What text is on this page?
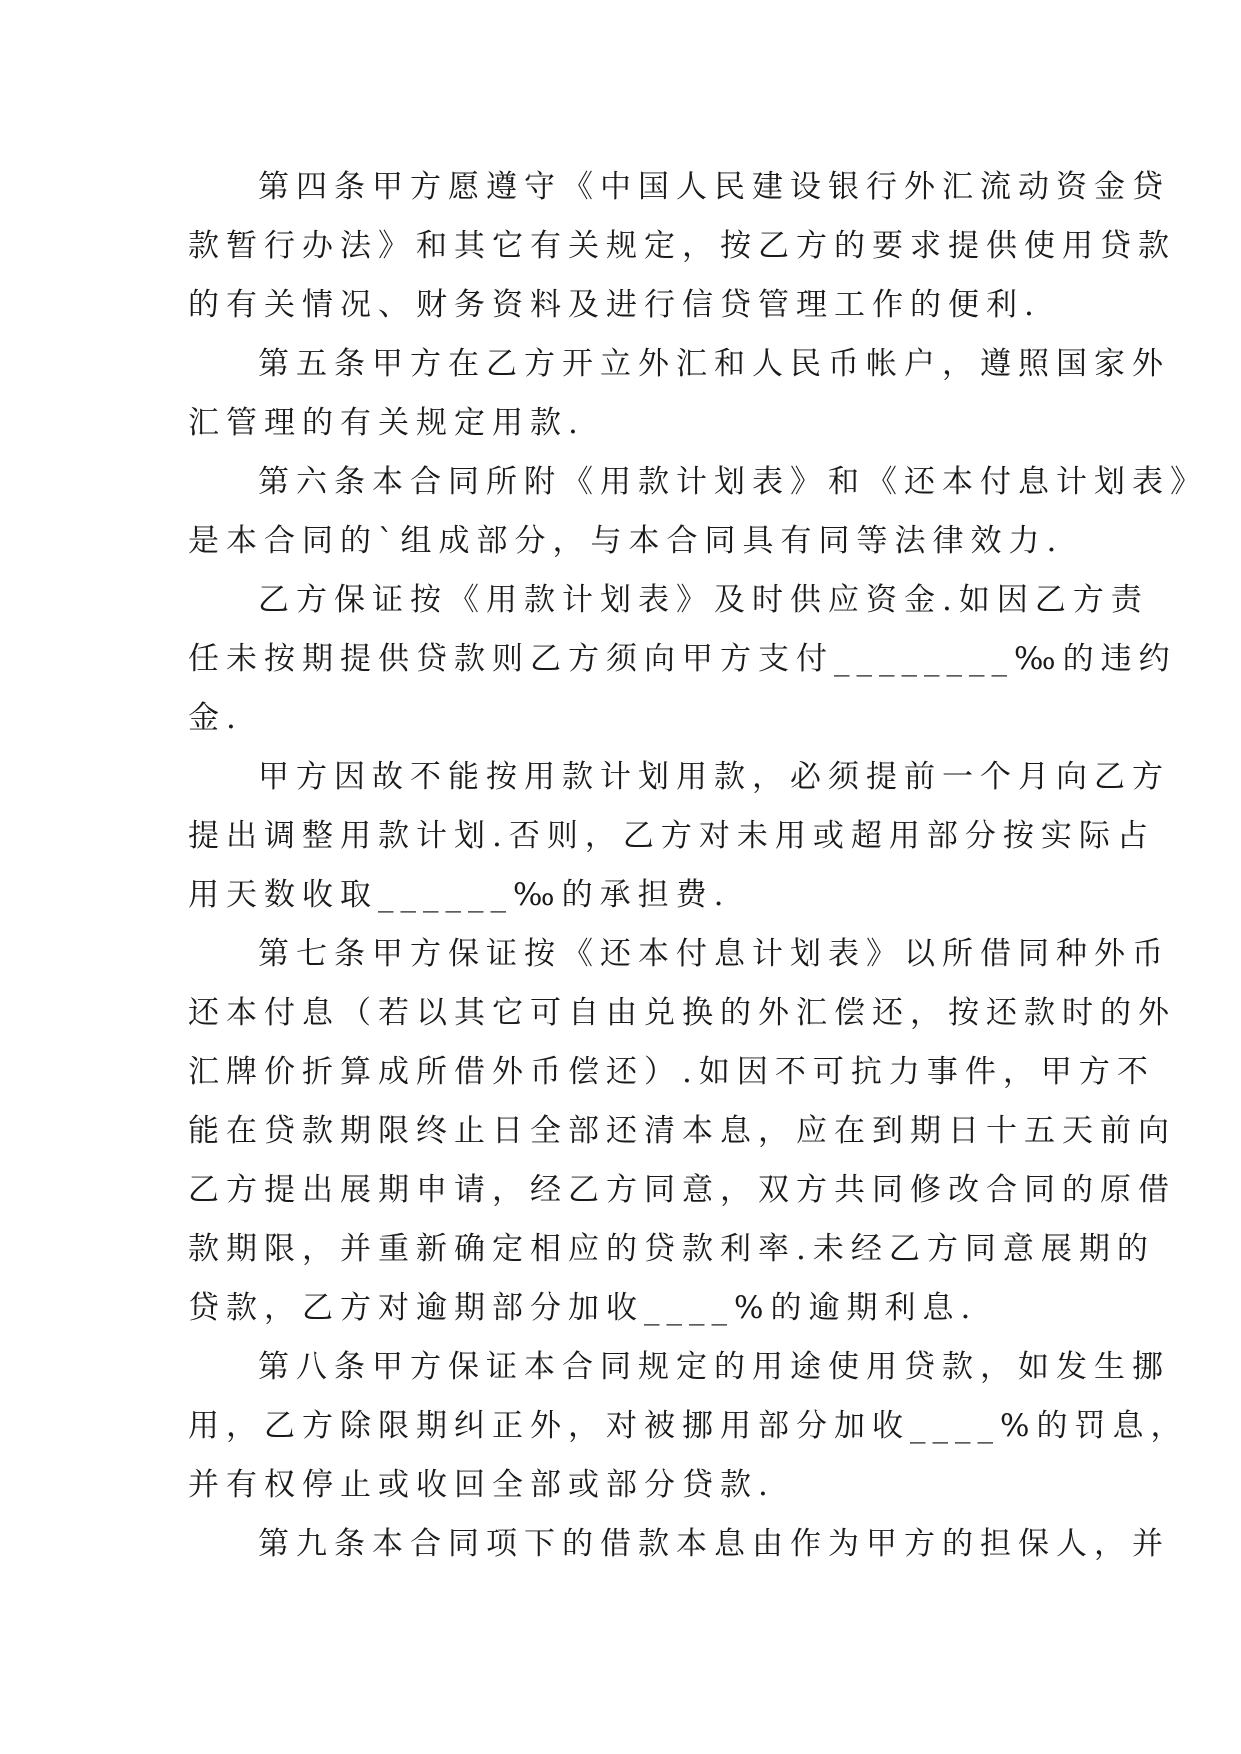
第四条甲方愿遵守《中国人民建设银行外汇流动资金贷
款暂行办法》和其它有关规定，按乙方的要求提供使用贷款
的有关情况、财务资料及进行信贷管理工作的便利.
第五条甲方在乙方开立外汇和人民币帐户，遵照国家外
汇管理的有关规定用款.
第六条本合同所附《用款计划表》和《还本付息计划表》
是本合同的`组成部分，与本合同具有同等法律效力.
乙方保证按《用款计划表》及时供应资金.如因乙方责
任未按期提供贷款则乙方须向甲方支付________‰的违约
金.
甲方因故不能按用款计划用款，必须提前一个月向乙方
提出调整用款计划.否则，乙方对未用或超用部分按实际占
用天数收取______‰的承担费.
第七条甲方保证按《还本付息计划表》以所借同种外币
还本付息（若以其它可自由兑换的外汇偿还，按还款时的外
汇牌价折算成所借外币偿还）.如因不可抗力事件，甲方不
能在贷款期限终止日全部还清本息，应在到期日十五天前向
乙方提出展期申请，经乙方同意，双方共同修改合同的原借
款期限，并重新确定相应的贷款利率.未经乙方同意展期的
贷款，乙方对逾期部分加收____%的逾期利息.
第八条甲方保证本合同规定的用途使用贷款，如发生挪
用，乙方除限期纠正外，对被挪用部分加收____%的罚息，
并有权停止或收回全部或部分贷款.
第九条本合同项下的借款本息由作为甲方的担保人，并
